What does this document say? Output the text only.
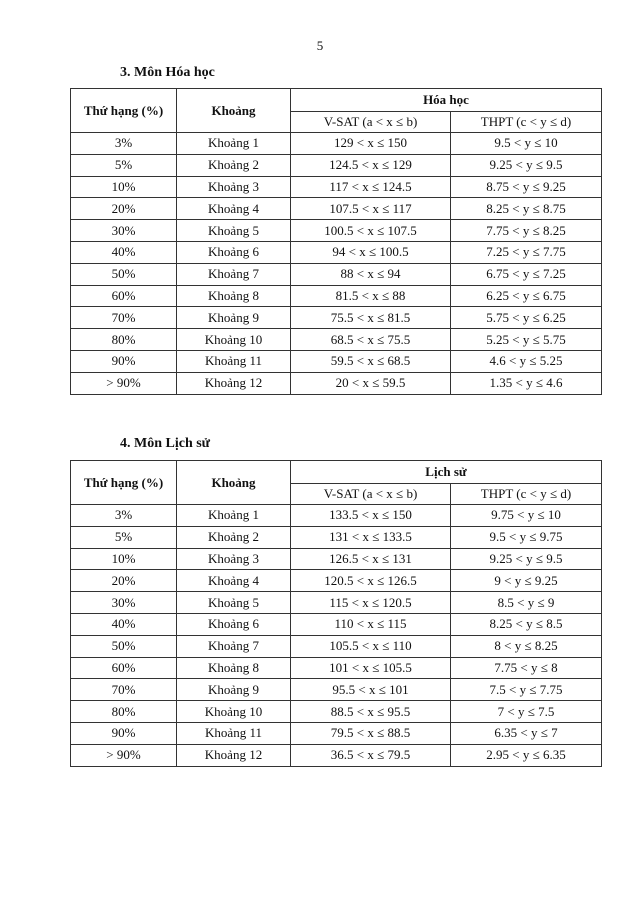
5
3. Môn Hóa học
Thứ hạng (%)	Khoảng	Hóa học	
		V-SAT (a < x ≤ b)	THPT (c < y ≤ d)
3%	Khoảng 1	129 < x ≤ 150	9.5 < y ≤ 10
5%	Khoảng 2	124.5 < x ≤ 129	9.25 < y ≤ 9.5
10%	Khoảng 3	117 < x ≤ 124.5	8.75 < y ≤ 9.25
20%	Khoảng 4	107.5 < x ≤ 117	8.25 < y ≤ 8.75
30%	Khoảng 5	100.5 < x ≤ 107.5	7.75 < y ≤ 8.25
40%	Khoảng 6	94 < x ≤ 100.5	7.25 < y ≤ 7.75
50%	Khoảng 7	88 < x ≤ 94	6.75 < y ≤ 7.25
60%	Khoảng 8	81.5 < x ≤ 88	6.25 < y ≤ 6.75
70%	Khoảng 9	75.5 < x ≤ 81.5	5.75 < y ≤ 6.25
80%	Khoảng 10	68.5 < x ≤ 75.5	5.25 < y ≤ 5.75
90%	Khoảng 11	59.5 < x ≤ 68.5	4.6 < y ≤ 5.25
> 90%	Khoảng 12	20 < x ≤ 59.5	1.35 < y ≤ 4.6
4. Môn Lịch sử
Thứ hạng (%)	Khoảng	Lịch sử	
		V-SAT (a < x ≤ b)	THPT (c < y ≤ d)
3%	Khoảng 1	133.5 < x ≤ 150	9.75 < y ≤ 10
5%	Khoảng 2	131 < x ≤ 133.5	9.5 < y ≤ 9.75
10%	Khoảng 3	126.5 < x ≤ 131	9.25 < y ≤ 9.5
20%	Khoảng 4	120.5 < x ≤ 126.5	9 < y ≤ 9.25
30%	Khoảng 5	115 < x ≤ 120.5	8.5 < y ≤ 9
40%	Khoảng 6	110 < x ≤ 115	8.25 < y ≤ 8.5
50%	Khoảng 7	105.5 < x ≤ 110	8 < y ≤ 8.25
60%	Khoảng 8	101 < x ≤ 105.5	7.75 < y ≤ 8
70%	Khoảng 9	95.5 < x ≤ 101	7.5 < y ≤ 7.75
80%	Khoảng 10	88.5 < x ≤ 95.5	7 < y ≤ 7.5
90%	Khoảng 11	79.5 < x ≤ 88.5	6.35 < y ≤ 7
> 90%	Khoảng 12	36.5 < x ≤ 79.5	2.95 < y ≤ 6.35
